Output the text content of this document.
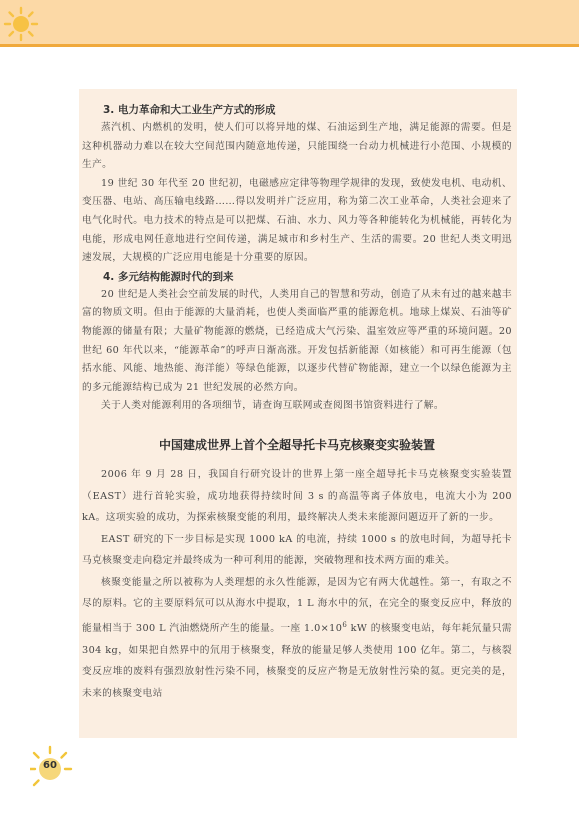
3. 电力革命和大工业生产方式的形成

蒸汽机、内燃机的发明，使人们可以将异地的煤、石油运到生产地，满足能源的需要。但是这种机器动力难以在较大空间范围内随意地传递，只能围绕一台动力机械进行小范围、小规模的生产。

19 世纪 30 年代至 20 世纪初，电磁感应定律等物理学规律的发现，致使发电机、电动机、变压器、电站、高压输电线路……得以发明并广泛应用，称为第二次工业革命，人类社会迎来了电气化时代。电力技术的特点是可以把煤、石油、水力、风力等各种能转化为机械能，再转化为电能，形成电网任意地进行空间传递，满足城市和乡村生产、生活的需要。20 世纪人类文明迅速发展，大规模的广泛应用电能是十分重要的原因。

4. 多元结构能源时代的到来

20 世纪是人类社会空前发展的时代，人类用自己的智慧和劳动，创造了从未有过的越来越丰富的物质文明。但由于能源的大量消耗，也使人类面临严重的能源危机。地球上煤炭、石油等矿物能源的储量有限；大量矿物能源的燃烧，已经造成大气污染、温室效应等严重的环境问题。20 世纪 60 年代以来，“能源革命”的呼声日渐高涨。开发包括新能源（如核能）和可再生能源（包括水能、风能、地热能、海洋能）等绿色能源，以逐步代替矿物能源，建立一个以绿色能源为主的多元能源结构已成为 21 世纪发展的必然方向。

关于人类对能源利用的各项细节，请查询互联网或查阅图书馆资料进行了解。

中国建成世界上首个全超导托卡马克核聚变实验装置

2006 年 9 月 28 日，我国自行研究设计的世界上第一座全超导托卡马克核聚变实验装置（EAST）进行首轮实验，成功地获得持续时间 3 s 的高温等离子体放电，电流大小为 200 kA。这项实验的成功，为探索核聚变能的利用，最终解决人类未来能源问题迈开了新的一步。

EAST 研究的下一步目标是实现 1000 kA 的电流，持续 1000 s 的放电时间，为超导托卡马克核聚变走向稳定并最终成为一种可利用的能源，突破物理和技术两方面的难关。

核聚变能量之所以被称为人类理想的永久性能源，是因为它有两大优越性。第一，有取之不尽的原料。它的主要原料氘可以从海水中提取，1 L 海水中的氘，在完全的聚变反应中，释放的能量相当于 300 L 汽油燃烧所产生的能量。一座 $1.0\times 10^6$ kW 的核聚变电站，每年耗氘量只需 304 kg，如果把自然界中的氘用于核聚变，释放的能量足够人类使用 100 亿年。第二，与核裂变反应堆的废料有强烈放射性污染不同，核聚变的反应产物是无放射性污染的氦。更完美的是，未来的核聚变电站

60
